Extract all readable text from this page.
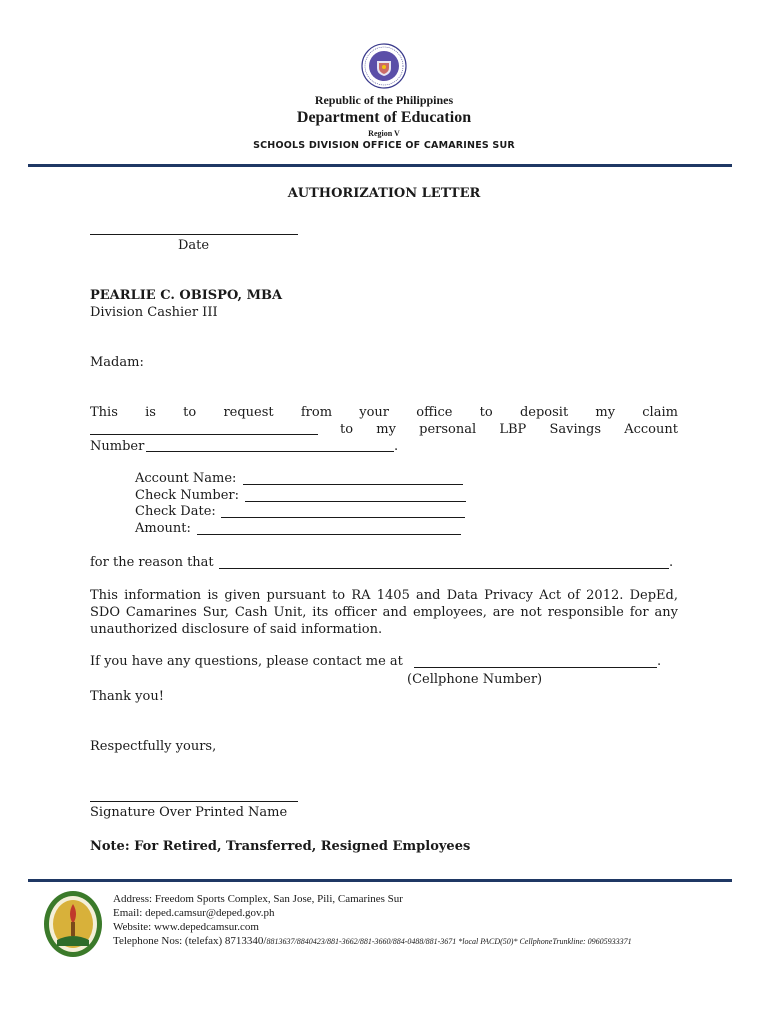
Republic of the Philippines
Department of Education
Region V
SCHOOLS DIVISION OFFICE OF CAMARINES SUR
AUTHORIZATION LETTER
Date
PEARLIE C. OBISPO, MBA
Division Cashier III
Madam:
This is to request from your office to deposit my claim
to my personal LBP Savings Account
Number	.
Account Name:
Check Number:
Check Date:
Amount:
for the reason that	.
This information is given pursuant to RA 1405 and Data Privacy Act of 2012. DepEd,
SDO Camarines Sur, Cash Unit, its officer and employees, are not responsible for any
unauthorized disclosure of said information.
If you have any questions, please contact me at	.
(Cellphone Number)
Thank you!
Respectfully yours,
Signature Over Printed Name
Note: For Retired, Transferred, Resigned Employees
Address: Freedom Sports Complex, San Jose, Pili, Camarines Sur
Email: deped.camsur@deped.gov.ph
Website: www.depedcamsur.com
Telephone Nos: (telefax) 8713340/8813637/8840423/881-3662/881-3660/884-0488/881-3671 *local PACD(50)* CellphoneTrunkline: 09605933371
